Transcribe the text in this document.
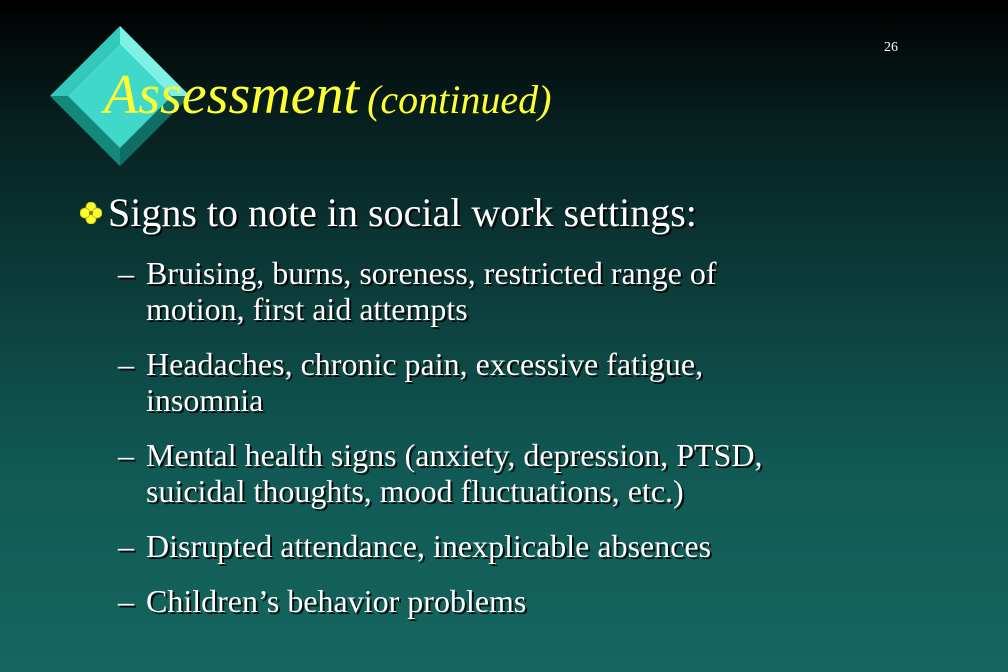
26
Assessment (continued)
Signs to note in social work settings:
– Bruising, burns, soreness, restricted range of
motion, first aid attempts
– Headaches, chronic pain, excessive fatigue,
insomnia
– Mental health signs (anxiety, depression, PTSD,
suicidal thoughts, mood fluctuations, etc.)
– Disrupted attendance, inexplicable absences
– Children’s behavior problems
